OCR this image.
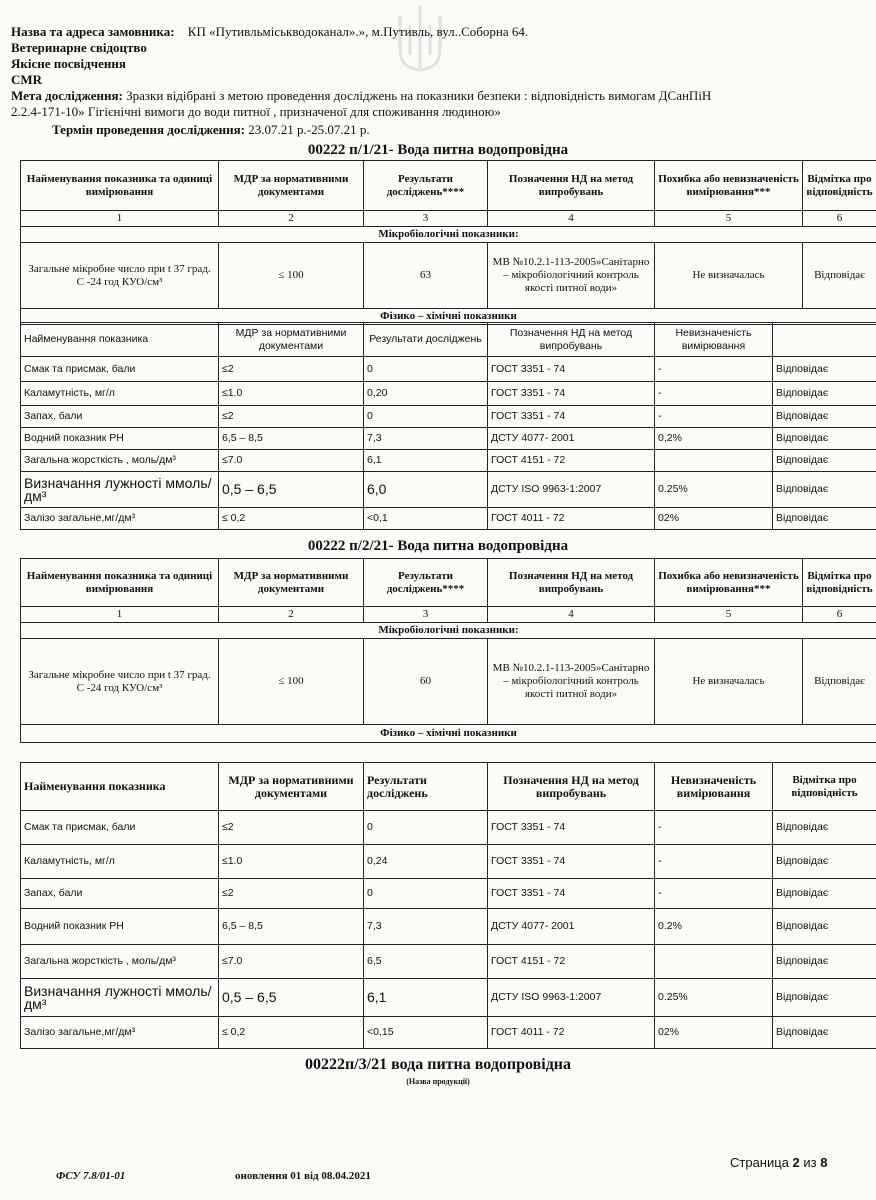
Назва та адреса замовника: КП «Путивльміськводоканал».», м.Путивль, вул..Соборна 64.
Ветеринарне свідоцтво
Якісне посвідчення
CMR
Мета дослідження: Зразки відібрані з метою проведення досліджень на показники безпеки : відповідність вимогам ДСанПіН
2.2.4-171-10» Гігієнічні вимоги до води питної , призначеної для споживання людиною»
Термін проведення дослідження: 23.07.21 р.-25.07.21 р.
00222 п/1/21- Вода питна водопровідна
Найменування показника та одиниці вимірювання	МДР за нормативними документами	Результати досліджень****	Позначення НД на метод випробувань	Похибка або невизначеність вимірювання***	Відмітка про відповідність
1	2	3	4	5	6
Мікробіологічні показники:					
Загальне мікробне число при t 37 град. С -24 год КУО/см³	≤ 100	63	МВ №10.2.1-113-2005»Санітарно – мікробіологічний контроль якості питної води»	Не визначалась	Відповідає
Фізико – хімічні показники					
Найменування показника	МДР за нормативними документами	Результати досліджень	Позначення НД на метод випробувань	Невизначеність вимірювання	
Смак та присмак, бали	≤2	0	ГОСТ 3351 - 74	-	Відповідає
Каламутність, мг/л	≤1.0	0,20	ГОСТ 3351 - 74	-	Відповідає
Запах, бали	≤2	0	ГОСТ 3351 - 74	-	Відповідає
Водний показник РН	6,5 – 8,5	7,3	ДСТУ 4077- 2001	0,2%	Відповідає
Загальна жорсткість , моль/дм³	≤7.0	6,1	ГОСТ 4151 - 72		Відповідає
Визначання лужності ммоль/дм³	0,5 – 6,5	6,0	ДСТУ ISO 9963-1:2007	0.25%	Відповідає
Залізо загальне,мг/дм³	≤ 0,2	<0,1	ГОСТ 4011 - 72	02%	Відповідає
00222 п/2/21- Вода питна водопровідна
Найменування показника та одиниці вимірювання	МДР за нормативними документами	Результати досліджень****	Позначення НД на метод випробувань	Похибка або невизначеність вимірювання***	Відмітка про відповідність
1	2	3	4	5	6
Мікробіологічні показники:					
Загальне мікробне число при t 37 град. С -24 год КУО/см³	≤ 100	60	МВ №10.2.1-113-2005»Санітарно – мікробіологічний контроль якості питної води»	Не визначалась	Відповідає
Фізико – хімічні показники					
Найменування показника	МДР за нормативними документами	Результати досліджень	Позначення НД на метод випробувань	Невизначеність вимірювання	Відмітка про відповідність
Смак та присмак, бали	≤2	0	ГОСТ 3351 - 74	-	Відповідає
Каламутність, мг/л	≤1.0	0,24	ГОСТ 3351 - 74	-	Відповідає
Запах, бали	≤2	0	ГОСТ 3351 - 74	-	Відповідає
Водний показник РН	6,5 – 8,5	7,3	ДСТУ 4077- 2001	0.2%	Відповідає
Загальна жорсткість , моль/дм³	≤7.0	6,5	ГОСТ 4151 - 72		Відповідає
Визначання лужності ммоль/дм³	0,5 – 6,5	6,1	ДСТУ ISO 9963-1:2007	0.25%	Відповідає
Залізо загальне,мг/дм³	≤ 0,2	<0,15	ГОСТ 4011 - 72	02%	Відповідає
00222п/3/21 вода питна водопровідна
(Назва продукції)
ФСУ 7.8/01-01	оновлення 01 від 08.04.2021
Страница 2 из 8
